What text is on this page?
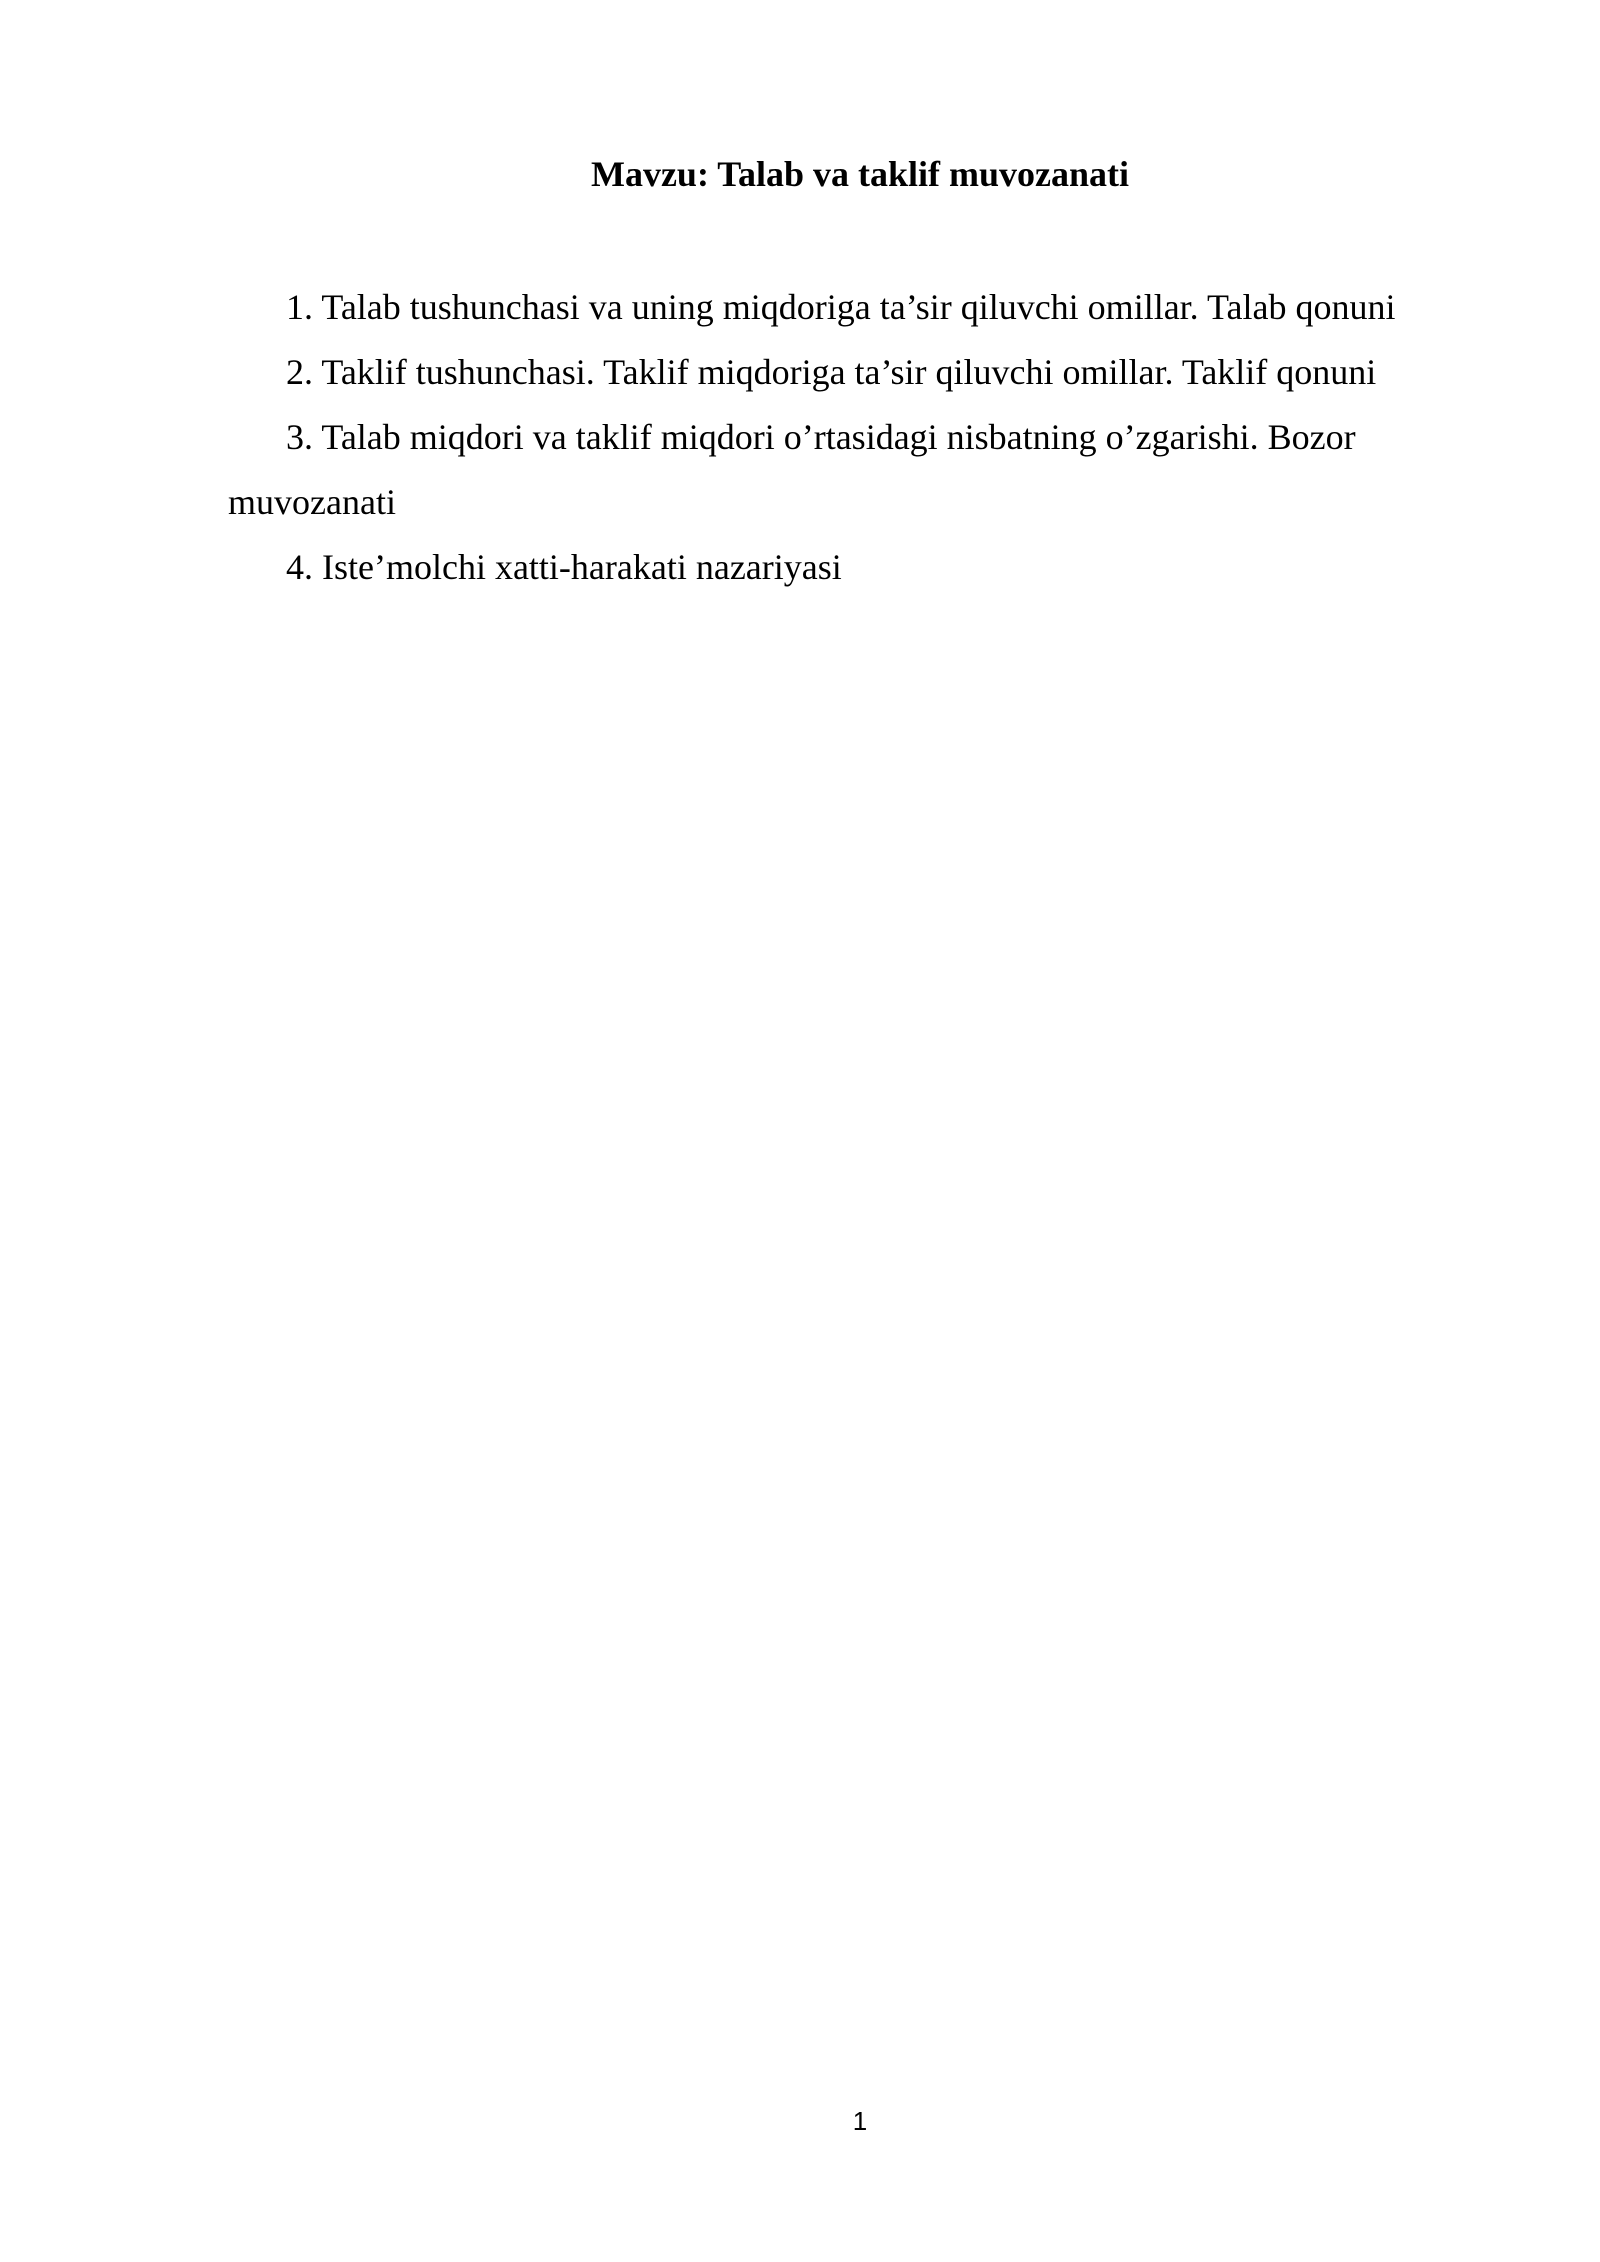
Mavzu: Talab va taklif muvozanati
1. Talab tushunchasi va uning miqdoriga ta’sir qiluvchi omillar. Talab qonuni
2. Taklif tushunchasi. Taklif miqdoriga ta’sir qiluvchi omillar. Taklif qonuni
3. Talab miqdori va taklif miqdori o’rtasidagi nisbatning o’zgarishi. Bozor muvozanati
4. Iste’molchi xatti-harakati nazariyasi
1
